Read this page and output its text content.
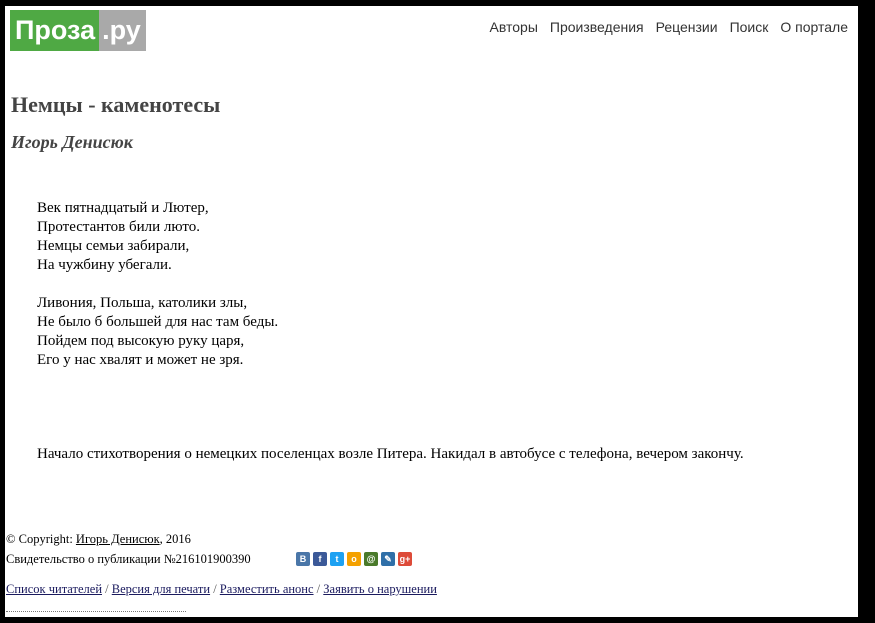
Проза .ру	Авторы Произведения Рецензии Поиск О портале
Немцы - каменотесы
Игорь Денисюк
Век пятнадцатый и Лютер,
Протестантов били люто.
Немцы семьи забирали,
На чужбину убегали.
Ливония, Польша, католики злы,
Не было б большей для нас там беды.
Пойдем под высокую руку царя,
Его у нас хвалят и может не зря.
Начало стихотворения о немецких поселенцах возле Питера. Накидал в автобусе с телефона, вечером закончу.
© Copyright: Игорь Денисюк, 2016
Свидетельство о публикации №216101900390	B	f	t	о	@ ✎ g+
Список читателей / Версия для печати / Разместить анонс / Заявить о нарушении
